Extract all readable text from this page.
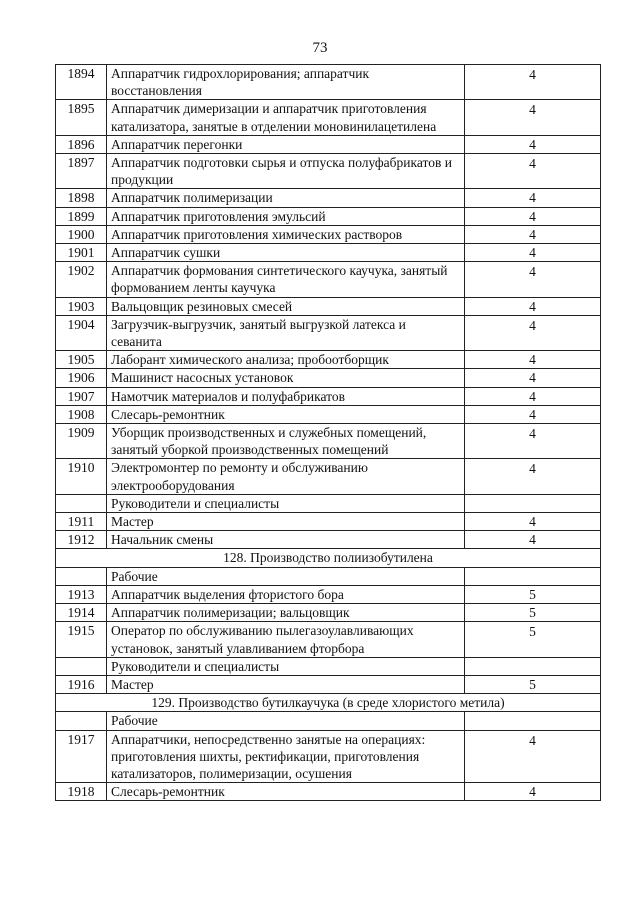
73
1894	Аппаратчик гидрохлорирования; аппаратчик восстановления	4
1895	Аппаратчик димеризации и аппаратчик приготовления катализатора, занятые в отделении моновинилацетилена	4
1896	Аппаратчик перегонки	4
1897	Аппаратчик подготовки сырья и отпуска полуфабрикатов и продукции	4
1898	Аппаратчик полимеризации	4
1899	Аппаратчик приготовления эмульсий	4
1900	Аппаратчик приготовления химических растворов	4
1901	Аппаратчик сушки	4
1902	Аппаратчик формования синтетического каучука, занятый формованием ленты каучука	4
1903	Вальцовщик резиновых смесей	4
1904	Загрузчик-выгрузчик, занятый выгрузкой латекса и севанита	4
1905	Лаборант химического анализа; пробоотборщик	4
1906	Машинист насосных установок	4
1907	Намотчик материалов и полуфабрикатов	4
1908	Слесарь-ремонтник	4
1909	Уборщик производственных и служебных помещений, занятый уборкой производственных помещений	4
1910	Электромонтер по ремонту и обслуживанию электрооборудования	4
	Руководители и специалисты	
1911	Мастер	4
1912	Начальник смены	4
128. Производство полиизобутилена		
	Рабочие	
1913	Аппаратчик выделения фтористого бора	5
1914	Аппаратчик полимеризации; вальцовщик	5
1915	Оператор по обслуживанию пылегазоулавливающих установок, занятый улавливанием фторбора	5
	Руководители и специалисты	
1916	Мастер	5
129. Производство бутилкаучука (в среде хлористого метила)		
	Рабочие	
1917	Аппаратчики, непосредственно занятые на операциях: приготовления шихты, ректификации, приготовления катализаторов, полимеризации, осушения	4
1918	Слесарь-ремонтник	4
